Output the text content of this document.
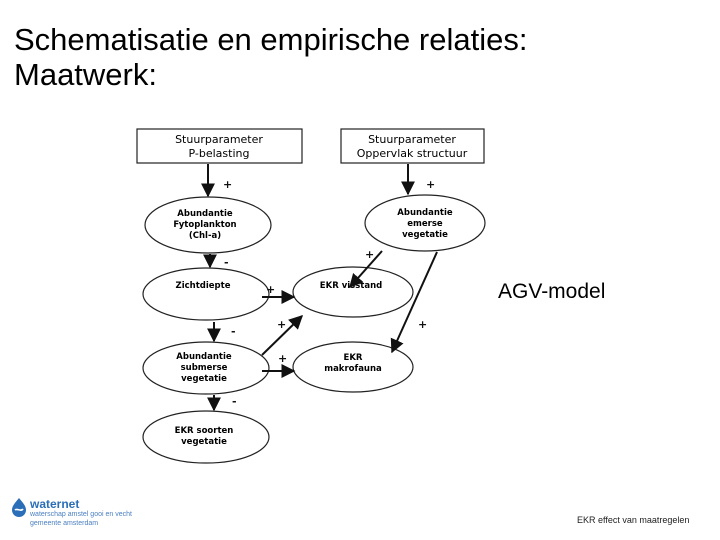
Schematisatie en empirische relaties:
Maatwerk:
Stuurparameter
P-belasting
Stuurparameter
Oppervlak structuur
Abundantie
Fytoplankton
(Chl-a)
Abundantie
emerse
vegetatie
Zichtdiepte	EKR visstand
Abundantie
submerse
vegetatie
EKR
makrofauna
EKR soorten
vegetatie
+	+
-
+
+
-
+	+
+
-
AGV-model
waternet
waterschap amstel gooi en vecht
gemeente amsterdam	EKR effect van maatregelen
